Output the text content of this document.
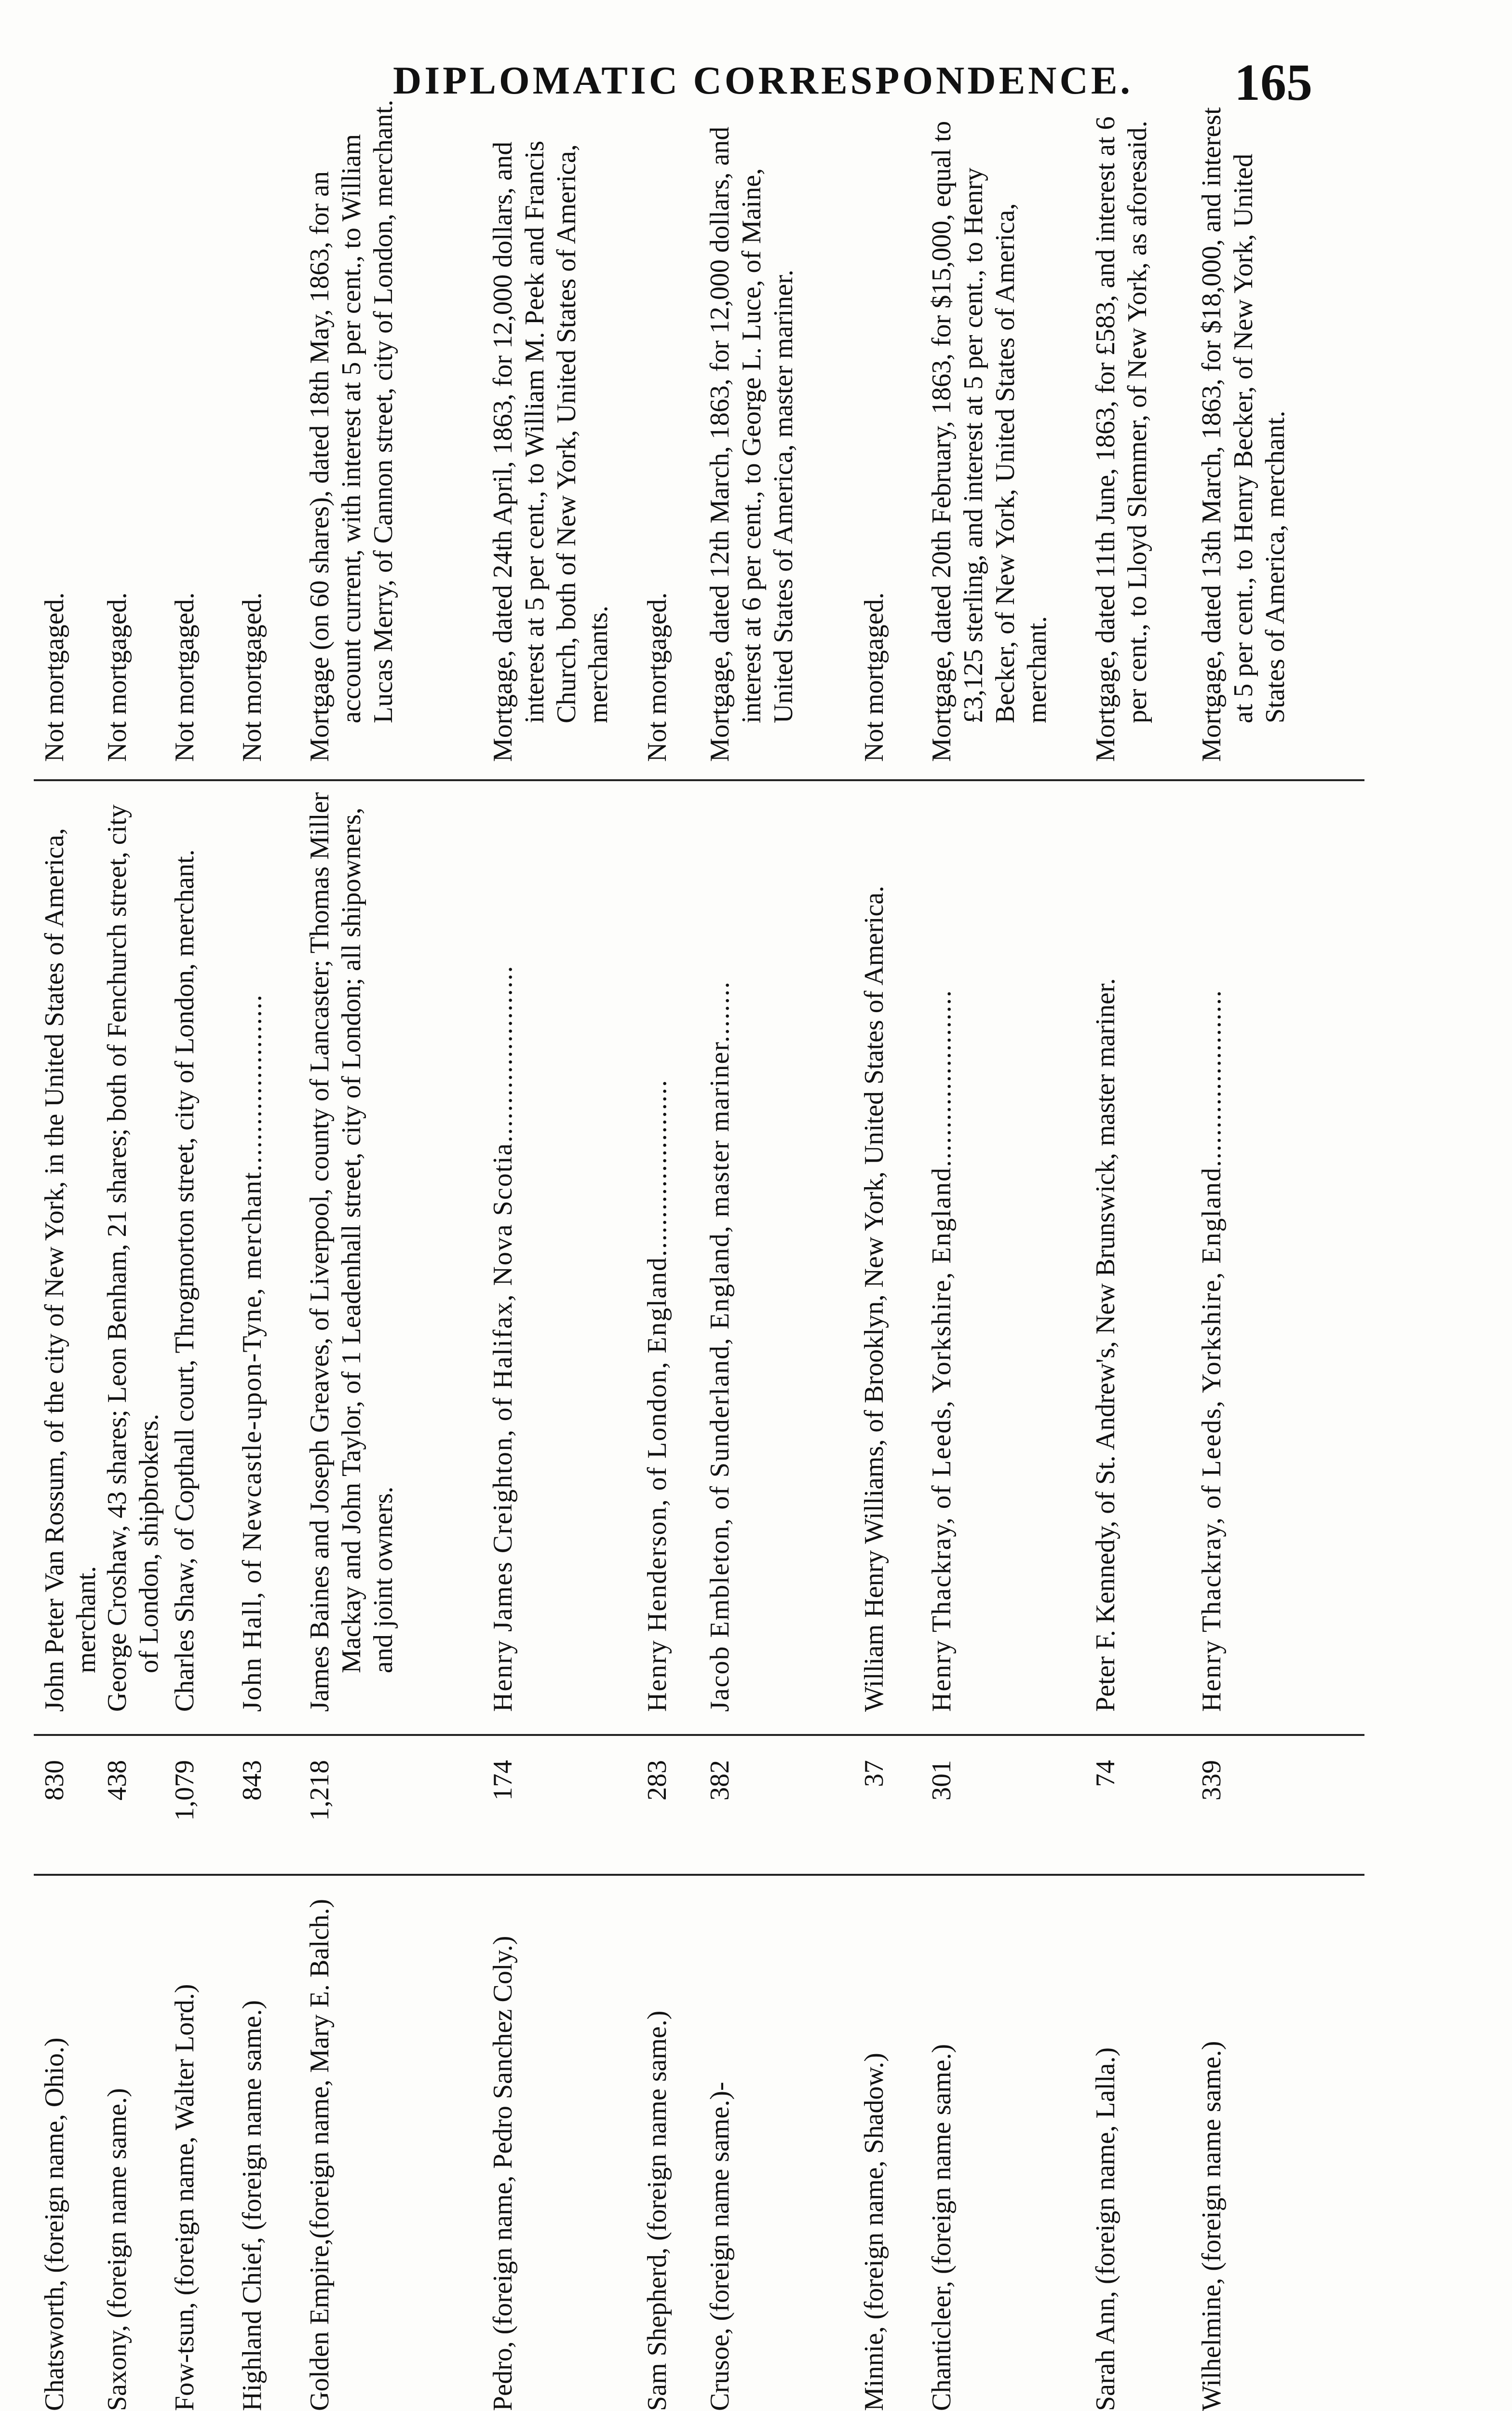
DIPLOMATIC CORRESPONDENCE. 165
Chatsworth, (foreign name, Ohio.)
830
John Peter Van Rossum, of the city of New York, in the United States of America, merchant.
Not mortgaged.
Saxony, (foreign name same.)
438
George Croshaw, 43 shares; Leon Benham, 21 shares; both of Fenchurch street, city of London, shipbrokers.
Not mortgaged.
Fow-tsun, (foreign name, Walter Lord.)
1,079
Charles Shaw, of Copthall court, Throgmorton street, city of London, merchant.
Not mortgaged.
Highland Chief, (foreign name same.)
843
John Hall, of Newcastle-upon-Tyne, merchant.......................
Not mortgaged.
Golden Empire,(foreign name, Mary E. Balch.)
1,218
James Baines and Joseph Greaves, of Liverpool, county of Lancaster; Thomas Miller Mackay and John Taylor, of 1 Leadenhall street, city of London; all shipowners, and joint owners.
Mortgage (on 60 shares), dated 18th May, 1863, for an account current, with interest at 5 per cent., to William Lucas Merry, of Cannon street, city of London, merchant.
Pedro, (foreign name, Pedro Sanchez Coly.)
174
Henry James Creighton, of Halifax, Nova Scotia.......................
Mortgage, dated 24th April, 1863, for 12,000 dollars, and interest at 5 per cent., to William M. Peek and Francis Church, both of New York, United States of America, merchants.
Sam Shepherd, (foreign name same.)
283
Henry Henderson, of London, England.......................
Not mortgaged.
Crusoe, (foreign name same.)-
382
Jacob Embleton, of Sunderland, England, master mariner........
Mortgage, dated 12th March, 1863, for 12,000 dollars, and interest at 6 per cent., to George L. Luce, of Maine, United States of America, master mariner.
Minnie, (foreign name, Shadow.)
37
William Henry Williams, of Brooklyn, New York, United States of America.
Not mortgaged.
Chanticleer, (foreign name same.)
301
Henry Thackray, of Leeds, Yorkshire, England.......................
Mortgage, dated 20th February, 1863, for $15,000, equal to £3,125 sterling, and interest at 5 per cent., to Henry Becker, of New York, United States of America, merchant.
Sarah Ann, (foreign name, Lalla.)
74
Peter F. Kennedy, of St. Andrew's, New Brunswick, master mariner.
Mortgage, dated 11th June, 1863, for £583, and interest at 6 per cent., to Lloyd Slemmer, of New York, as aforesaid.
Wilhelmine, (foreign name same.)
339
Henry Thackray, of Leeds, Yorkshire, England.......................
Mortgage, dated 13th March, 1863, for $18,000, and interest at 5 per cent., to Henry Becker, of New York, United States of America, merchant.
